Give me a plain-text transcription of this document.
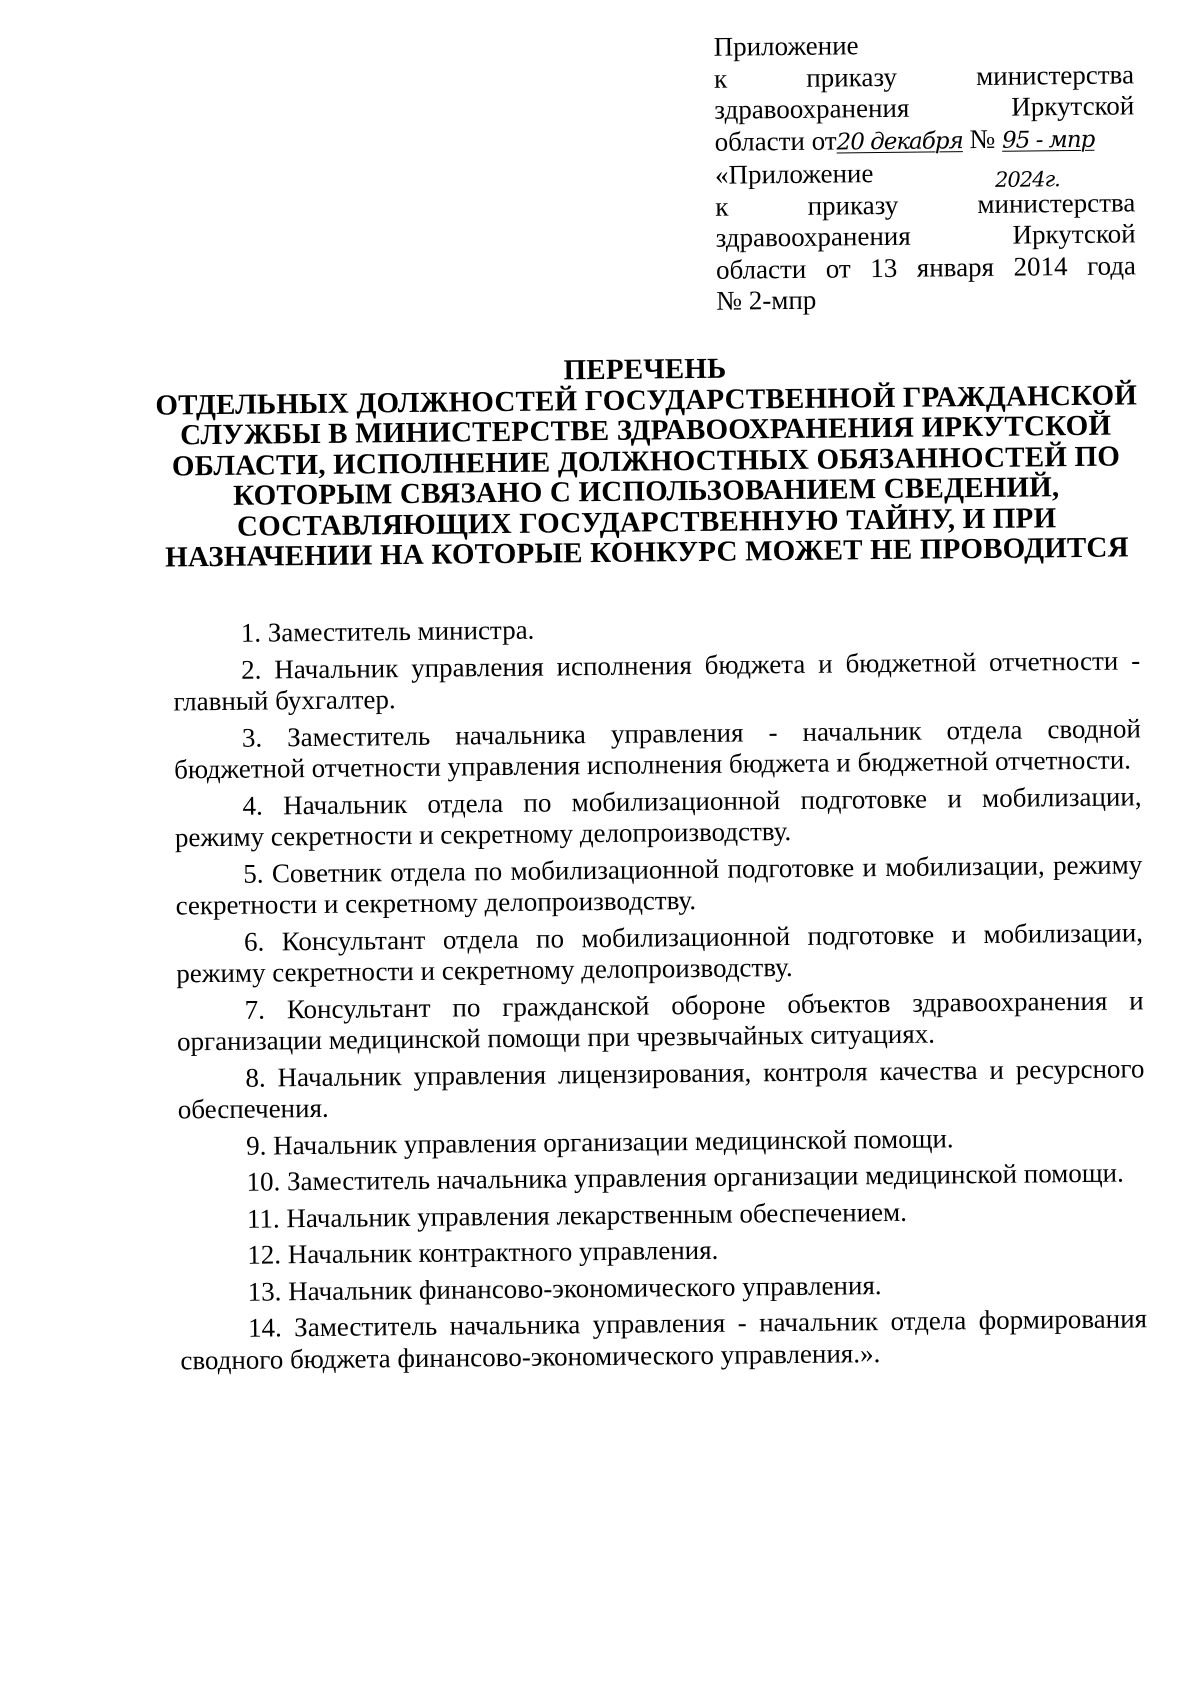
Приложение
к приказу министерства
здравоохранения Иркутской
области от20 декабря № 95 - мпр
«Приложение	2024г.
к приказу министерства
здравоохранения Иркутской
области от 13 января 2014 года
№ 2-мпр
ПЕРЕЧЕНЬ
ОТДЕЛЬНЫХ ДОЛЖНОСТЕЙ ГОСУДАРСТВЕННОЙ ГРАЖДАНСКОЙ
СЛУЖБЫ В МИНИСТЕРСТВЕ ЗДРАВООХРАНЕНИЯ ИРКУТСКОЙ
ОБЛАСТИ, ИСПОЛНЕНИЕ ДОЛЖНОСТНЫХ ОБЯЗАННОСТЕЙ ПО
КОТОРЫМ СВЯЗАНО С ИСПОЛЬЗОВАНИЕМ СВЕДЕНИЙ,
СОСТАВЛЯЮЩИХ ГОСУДАРСТВЕННУЮ ТАЙНУ, И ПРИ
НАЗНАЧЕНИИ НА КОТОРЫЕ КОНКУРС МОЖЕТ НЕ ПРОВОДИТСЯ

1. Заместитель министра.

2. Начальник управления исполнения бюджета и бюджетной отчетности - главный бухгалтер.

3. Заместитель начальника управления - начальник отдела сводной бюджетной отчетности управления исполнения бюджета и бюджетной отчетности.

4. Начальник отдела по мобилизационной подготовке и мобилизации, режиму секретности и секретному делопроизводству.

5. Советник отдела по мобилизационной подготовке и мобилизации, режиму секретности и секретному делопроизводству.

6. Консультант отдела по мобилизационной подготовке и мобилизации, режиму секретности и секретному делопроизводству.

7. Консультант по гражданской обороне объектов здравоохранения и организации медицинской помощи при чрезвычайных ситуациях.

8. Начальник управления лицензирования, контроля качества и ресурсного обеспечения.

9. Начальник управления организации медицинской помощи.

10. Заместитель начальника управления организации медицинской помощи.

11. Начальник управления лекарственным обеспечением.

12. Начальник контрактного управления.

13. Начальник финансово-экономического управления.

14. Заместитель начальника управления - начальник отдела формирования сводного бюджета финансово-экономического управления.».
